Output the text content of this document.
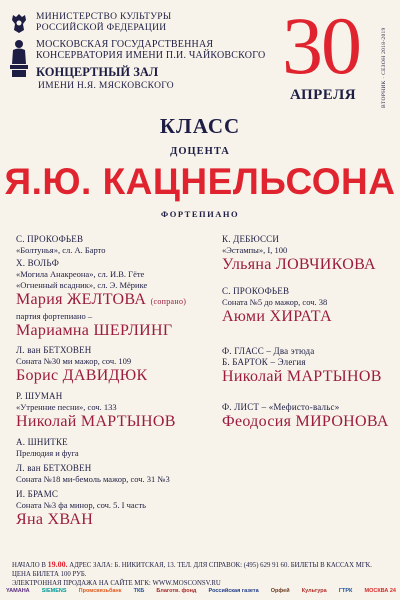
МИНИСТЕРСТВО КУЛЬТУРЫ
РОССИЙСКОЙ ФЕДЕРАЦИИ
МОСКОВСКАЯ ГОСУДАРСТВЕННАЯ
КОНСЕРВАТОРИЯ ИМЕНИ П.И. ЧАЙКОВСКОГО
КОНЦЕРТНЫЙ ЗАЛ
ИМЕНИ Н.Я. МЯСКОВСКОГО 30
АПРЕЛЯ	ВТОРНИК · СЕЗОН 2018-2019
КЛАСС
ДОЦЕНТА
Я.Ю. КАЦНЕЛЬСОНА
ФОРТЕПИАНО
С. ПРОКОФЬЕВ
«Болтунья», сл. А. Барто
Х. ВОЛЬФ
«Могила Анакреона», сл. И.В. Гёте
«Огненный всадник», сл. Э. Мёрике
Мария ЖЕЛТОВА (сопрано)
партия фортепиано –
Мариамна ШЕРЛИНГ
Л. ван БЕТХОВЕН
Соната №30 ми мажор, соч. 109
Борис ДАВИДЮК
Р. ШУМАН
«Утренние песни», соч. 133
Николай МАРТЫНОВ
А. ШНИТКЕ
Прелюдия и фуга
Л. ван БЕТХОВЕН
Соната №18 ми-бемоль мажор, соч. 31 №3
И. БРАМС
Соната №3 фа минор, соч. 5. I часть
Яна ХВАН
К. ДЕБЮССИ
«Эстампы», I, 100
Ульяна ЛОВЧИКОВА
С. ПРОКОФЬЕВ
Соната №5 до мажор, соч. 38
Аюми ХИРАТА
Ф. ГЛАСС – Два этюда
Б. БАРТОК – Элегия
Николай МАРТЫНОВ
Ф. ЛИСТ – «Мефисто-вальс»
Феодосия МИРОНОВА
НАЧАЛО В 19.00. АДРЕС ЗАЛА: Б. НИКИТСКАЯ, 13. ТЕЛ. ДЛЯ СПРАВОК: (495) 629 91 60. БИЛЕТЫ В КАССАХ МГК. ЦЕНА БИЛЕТА 100 РУБ.
ЭЛЕКТРОННАЯ ПРОДАЖА НА САЙТЕ МГК: WWW.MOSCONSV.RU
YAMAHA SIEMENS Промсвязьбанк ТКБ Благотв. фонд Российская газета Орфей Культура ГТРК МОСКВА 24
